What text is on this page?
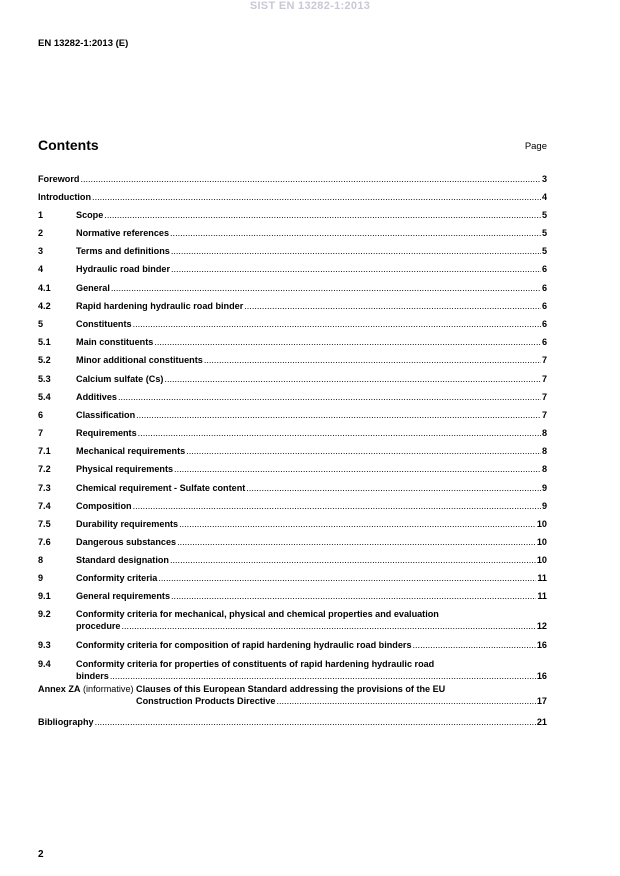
SIST EN 13282-1:2013
EN 13282-1:2013 (E)
Contents	Page
Foreword .....	3
Introduction .....	4
1	Scope .....	5
2	Normative references .....	5
3	Terms and definitions .....	5
4	Hydraulic road binder .....	6
4.1	General .....	6
4.2	Rapid hardening hydraulic road binder .....	6
5	Constituents .....	6
5.1	Main constituents .....	6
5.2	Minor additional constituents .....	7
5.3	Calcium sulfate (Cs) .....	7
5.4	Additives .....	7
6	Classification .....	7
7	Requirements .....	8
7.1	Mechanical requirements .....	8
7.2	Physical requirements .....	8
7.3	Chemical requirement - Sulfate content .....	9
7.4	Composition .....	9
7.5	Durability requirements .....	10
7.6	Dangerous substances .....	10
8	Standard designation .....	10
9	Conformity criteria .....	11
9.1	General requirements .....	11
9.2	Conformity criteria for mechanical, physical and chemical properties and evaluation
procedure .....	12
9.3	Conformity criteria for composition of rapid hardening hydraulic road binders .....	16
9.4	Conformity criteria for properties of constituents of rapid hardening hydraulic road
binders .....	16
Annex ZA (informative) Clauses of this European Standard addressing the provisions of the EU
Construction Products Directive .....	17
Bibliography .....	21
2
